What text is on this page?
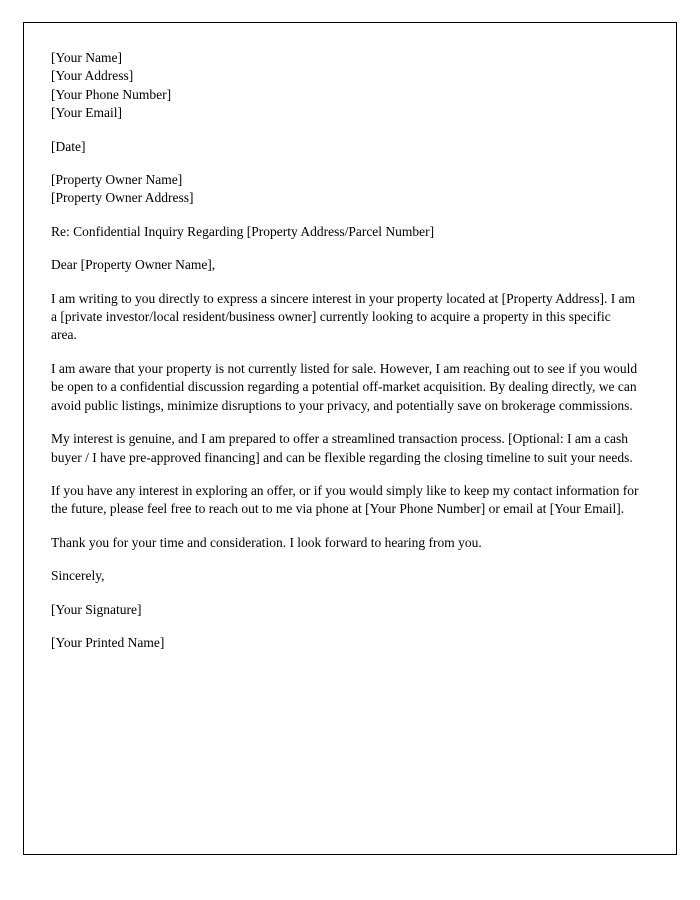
[Your Name]
[Your Address]
[Your Phone Number]
[Your Email]
[Date]
[Property Owner Name]
[Property Owner Address]
Re: Confidential Inquiry Regarding [Property Address/Parcel Number]
Dear [Property Owner Name],

I am writing to you directly to express a sincere interest in your property located at [Property Address]. I am a [private investor/local resident/business owner] currently looking to acquire a property in this specific area.

I am aware that your property is not currently listed for sale. However, I am reaching out to see if you would be open to a confidential discussion regarding a potential off-market acquisition. By dealing directly, we can avoid public listings, minimize disruptions to your privacy, and potentially save on brokerage commissions.

My interest is genuine, and I am prepared to offer a streamlined transaction process. [Optional: I am a cash buyer / I have pre-approved financing] and can be flexible regarding the closing timeline to suit your needs.

If you have any interest in exploring an offer, or if you would simply like to keep my contact information for the future, please feel free to reach out to me via phone at [Your Phone Number] or email at [Your Email].

Thank you for your time and consideration. I look forward to hearing from you.

Sincerely,
[Your Signature]
[Your Printed Name]
